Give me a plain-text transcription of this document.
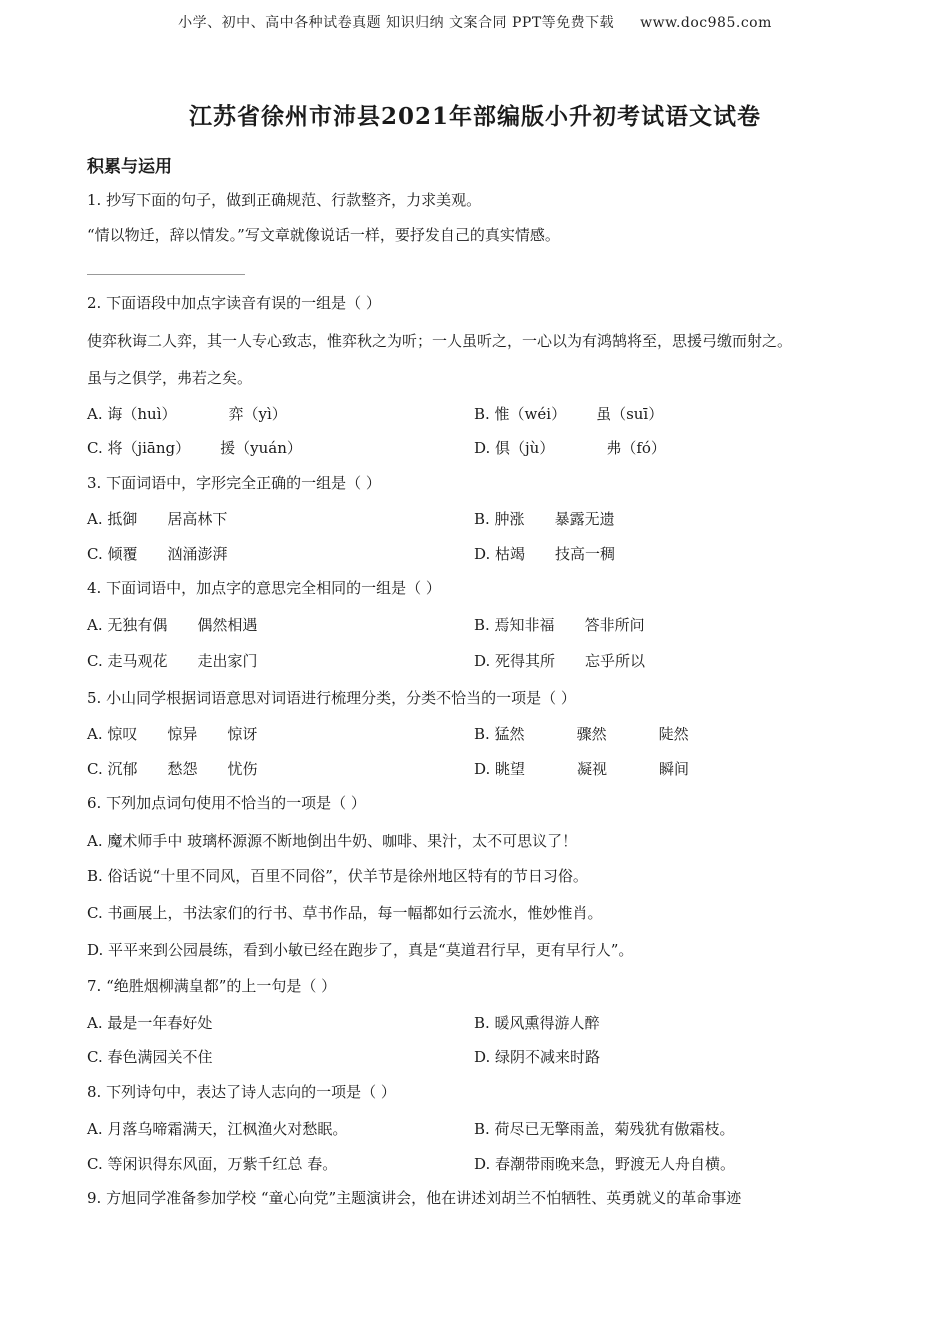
小学、初中、高中各种试卷真题 知识归纳 文案合同 PPT等免费下载 www.doc985.com
江苏省徐州市沛县2021年部编版小升初考试语文试卷
积累与运用
1. 抄写下面的句子，做到正确规范、行款整齐，力求美观。
“情以物迁，辞以情发。”写文章就像说话一样，要抒发自己的真实情感。
2. 下面语段中加点字读音有误的一组是（ ）
使弈秋诲二人弈，其一人专心致志，惟弈秋之为听；一人虽听之，一心以为有鸿鹄将至，思援弓缴而射之。
虽与之俱学，弗若之矣。
A. 诲（huì）	弈（yì）	B. 惟（wéi） 虽（suī）
C. 将（jiāng） 援（yuán）	D. 俱（jù）	弗（fó）
3. 下面词语中，字形完全正确的一组是（ ）
A. 抵御 居高林下	B. 肿涨 暴露无遗
C. 倾覆 汹涌澎湃	D. 枯竭 技高一稠
4. 下面词语中，加点字的意思完全相同的一组是（ ）
A. 无独有偶 偶然相遇	B. 焉知非福 答非所问
C. 走马观花 走出家门	D. 死得其所 忘乎所以
5. 小山同学根据词语意思对词语进行梳理分类，分类不恰当的一项是（ ）
A. 惊叹 惊异 惊讶	B. 猛然	骤然	陡然
C. 沉郁 愁怨 忧伤	D. 眺望	凝视	瞬间
6. 下列加点词句使用不恰当的一项是（ ）
A. 魔术师手中 玻璃杯源源不断地倒出牛奶、咖啡、果汁，太不可思议了！
B. 俗话说“十里不同风，百里不同俗”，伏羊节是徐州地区特有的节日习俗。
C. 书画展上，书法家们的行书、草书作品，每一幅都如行云流水，惟妙惟肖。
D. 平平来到公园晨练，看到小敏已经在跑步了，真是“莫道君行早，更有早行人”。
7. “绝胜烟柳满皇都”的上一句是（ ）
A. 最是一年春好处	B. 暖风熏得游人醉
C. 春色满园关不住	D. 绿阴不减来时路
8. 下列诗句中，表达了诗人志向的一项是（ ）
A. 月落乌啼霜满天，江枫渔火对愁眠。	B. 荷尽已无擎雨盖，菊残犹有傲霜枝。
C. 等闲识得东风面，万紫千红总 春。	D. 春潮带雨晚来急，野渡无人舟自横。
9. 方旭同学准备参加学校 “童心向党”主题演讲会，他在讲述刘胡兰不怕牺牲、英勇就义的革命事迹
